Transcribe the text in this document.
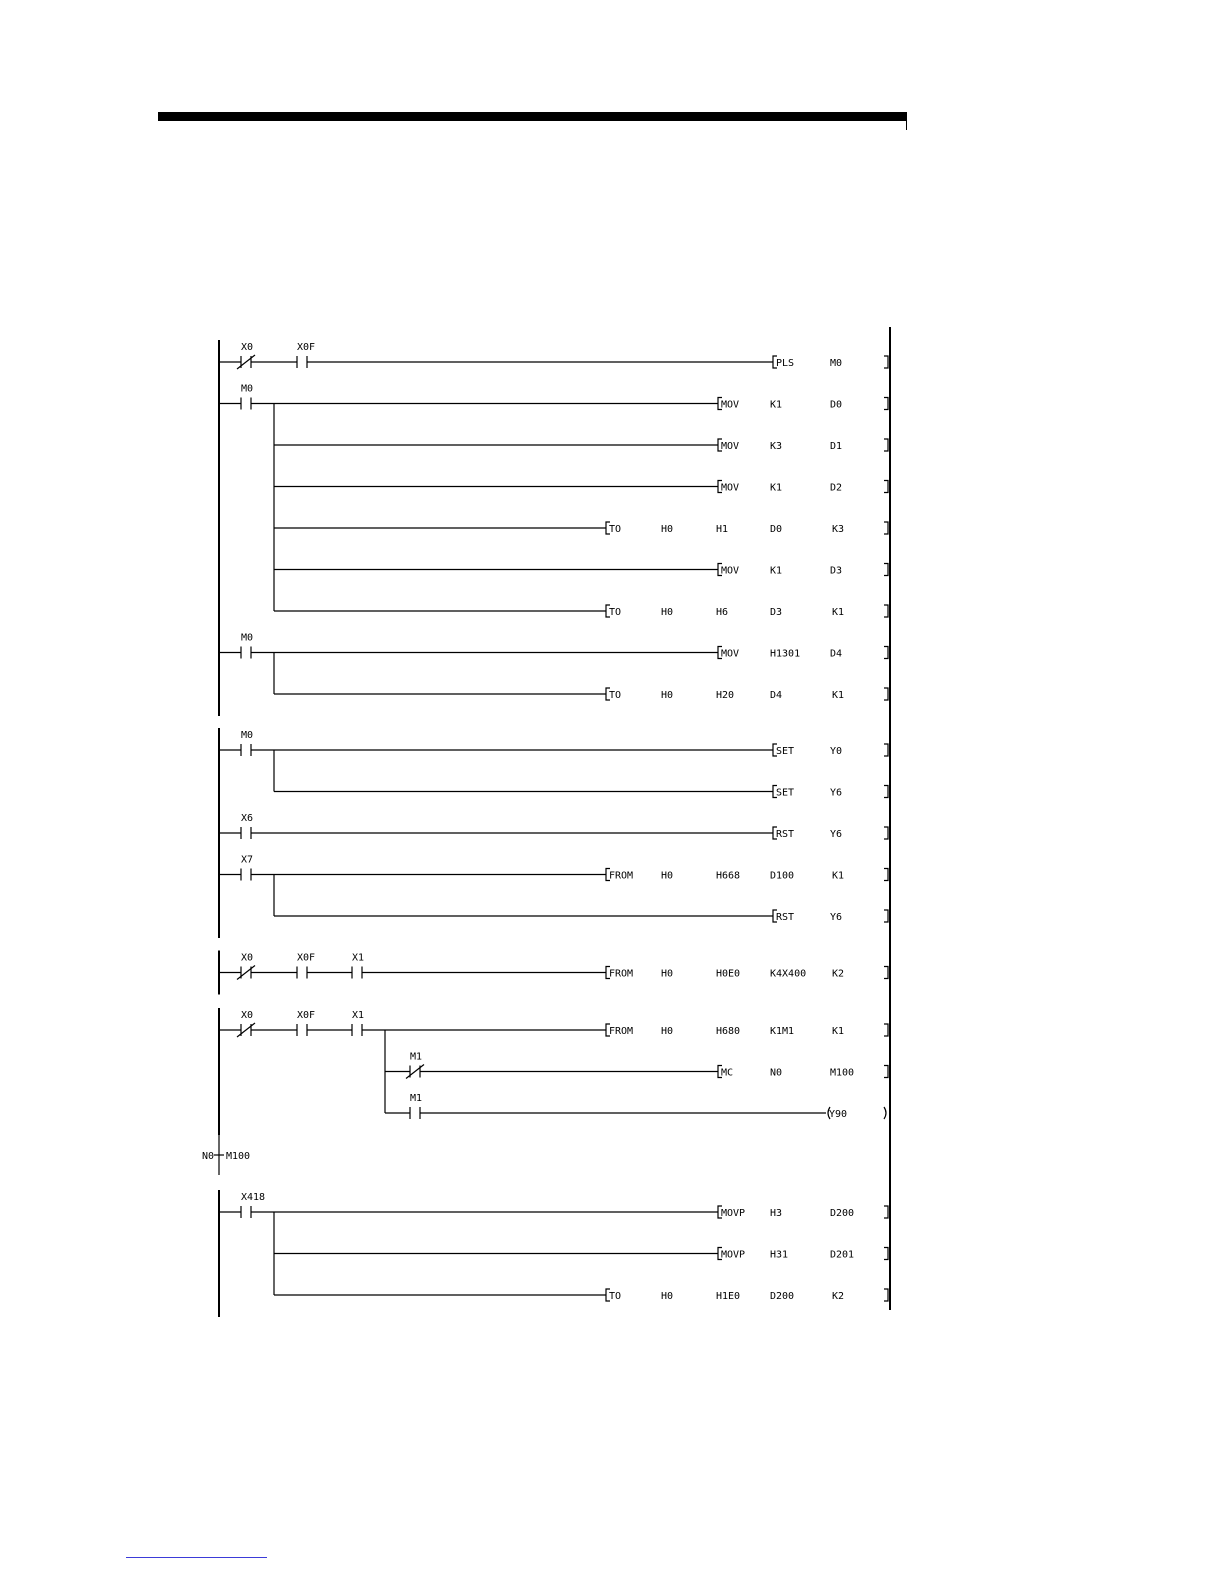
X0	X0F
PLS	M0
M0
MOV	K1	D0
MOV	K3	D1
MOV	K1	D2
TO	H0	H1	D0	K3
MOV	K1	D3
TO	H0	H6	D3	K1
M0
MOV	H1301	D4
TO	H0	H20	D4	K1
M0
SET	Y0
SET	Y6
X6
RST	Y6
X7
FROM	H0	H668	D100	K1
RST	Y6
X0	X0F	X1
FROM	H0	H0E0	K4X400	K2
X0	X0F	X1
FROM	H0	H680	K1M1	K1
M1
MC	N0	M100
M1
Y90
N0 M100
X418
MOVP H3	D200
MOVP H31	D201
TO	H0	H1E0	D200	K2
